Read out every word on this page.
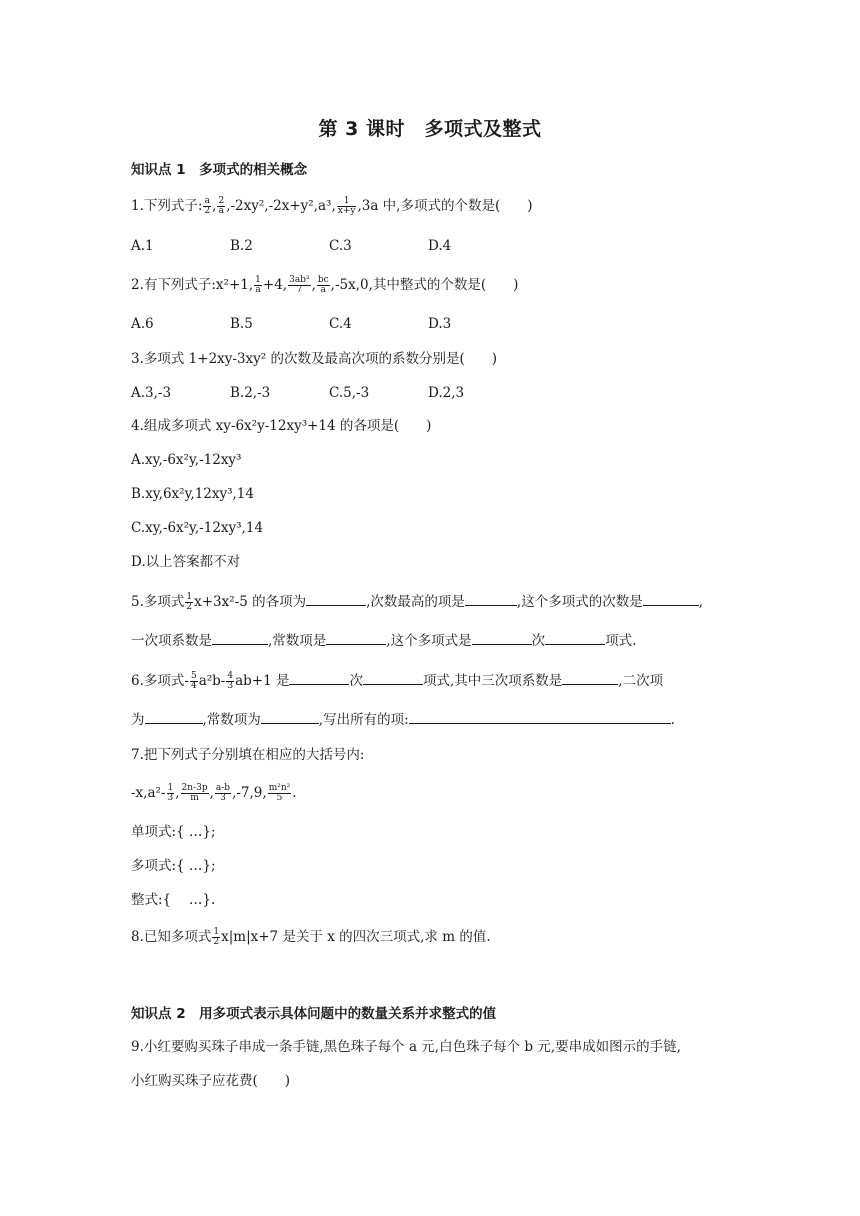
第 3 课时　多项式及整式
知识点 1　多项式的相关概念
1.下列式子: $\frac{a}{2}$ , $\frac{2}{a} ,-2xy^2,-2x+y^2,a^3$, $\frac{1}{x+y} ,3a$ 中,多项式的个数是(　　)
A.1	B.2	C.3	D.4
2.有下列式子:x²+1, $\frac{1}{a} +4$, $\frac{\text{3ab²}}{7}$ , $\frac{bc}{a} ,-5x,0$,其中整式的个数是(　　)
A.6	B.5	C.4	D.3
3.多项式 1+2xy-3xy² 的次数及最高次项的系数分别是(　　)
A.3,-3	B.2,-3	C.5,-3	D.2,3
4.组成多项式 xy-6x²y-12xy³+14 的各项是(　　)
A.xy,-6x²y,-12xy³
B.xy,6x²y,12xy³,14
C.xy,-6x²y,-12xy³,14
D.以上答案都不对
5.多项式 $\frac{1}{2} x+3x^2-5$ 的各项为	,次数最高的项是	,这个多项式的次数是	,
一次项系数是	,常数项是	,这个多项式是	次	项式.
6.多项式- $\frac{5}{4} a^2b- \frac{4}{3} ab+1$ 是	次	项式,其中三次项系数是	,二次项
为	,常数项为	,写出所有的项:	.
7.把下列式子分别填在相应的大括号内:
$-x,a^2- \frac{1}{3}$ , $\frac{2n-3p}{m}$ , $\frac{a-b}{3} ,-7,9$, $\frac{\text{m²n²}}{5}$ .
单项式:{ …};
多项式:{ …};
整式:{　 …}.
8.已知多项式 $\frac{1}{2} x|m|x+7$ 是关于 x 的四次三项式,求 m 的值.
知识点 2　用多项式表示具体问题中的数量关系并求整式的值
9.小红要购买珠子串成一条手链,黑色珠子每个 a 元,白色珠子每个 b 元,要串成如图示的手链,
小红购买珠子应花费(　　)
